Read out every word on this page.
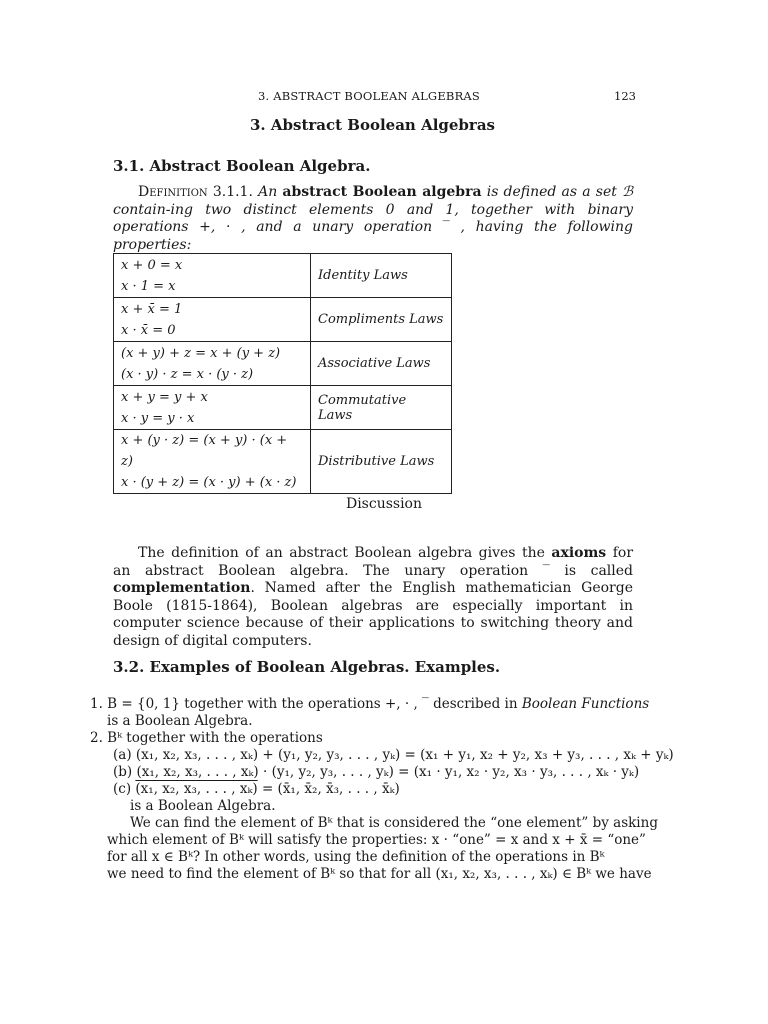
3. ABSTRACT BOOLEAN ALGEBRAS	123
3. Abstract Boolean Algebras
3.1. Abstract Boolean Algebra.
Definition 3.1.1. An abstract Boolean algebra is defined as a set ℬ contain-ing two distinct elements 0 and 1, together with binary operations +, · , and a unary operation ‾ , having the following properties:
x + 0 = x
x · 1 = x	Identity Laws

x + x̄ = 1
x · x̄ = 0	Compliments Laws

(x + y) + z = x + (y + z)
(x · y) · z = x · (y · z)	Associative Laws

x + y = y + x
x · y = y · x	Commutative Laws

x + (y · z) = (x + y) · (x + z)
x · (y + z) = (x · y) + (x · z)	Distributive Laws
Discussion
The definition of an abstract Boolean algebra gives the axioms for an abstract Boolean algebra. The unary operation ‾ is called complementation. Named after the English mathematician George Boole (1815-1864), Boolean algebras are especially important in computer science because of their applications to switching theory and design of digital computers.
3.2. Examples of Boolean Algebras. Examples.
1. B = {0, 1} together with the operations +, · , ‾ described in Boolean Functions
is a Boolean Algebra.
2. Bᵏ together with the operations
(a) (x₁, x₂, x₃, . . . , xₖ) + (y₁, y₂, y₃, . . . , yₖ) = (x₁ + y₁, x₂ + y₂, x₃ + y₃, . . . , xₖ + yₖ)
(b) (x₁, x₂, x₃, . . . , xₖ) · (y₁, y₂, y₃, . . . , yₖ) = (x₁ · y₁, x₂ · y₂, x₃ · y₃, . . . , xₖ · yₖ)
(c) (x₁, x₂, x₃, . . . , xₖ) = (x̄₁, x̄₂, x̄₃, . . . , x̄ₖ)
is a Boolean Algebra.
We can find the element of Bᵏ that is considered the “one element” by asking
which element of Bᵏ will satisfy the properties: x · “one” = x and x + x̄ = “one”
for all x ∈ Bᵏ? In other words, using the definition of the operations in Bᵏ
we need to find the element of Bᵏ so that for all (x₁, x₂, x₃, . . . , xₖ) ∈ Bᵏ we have
